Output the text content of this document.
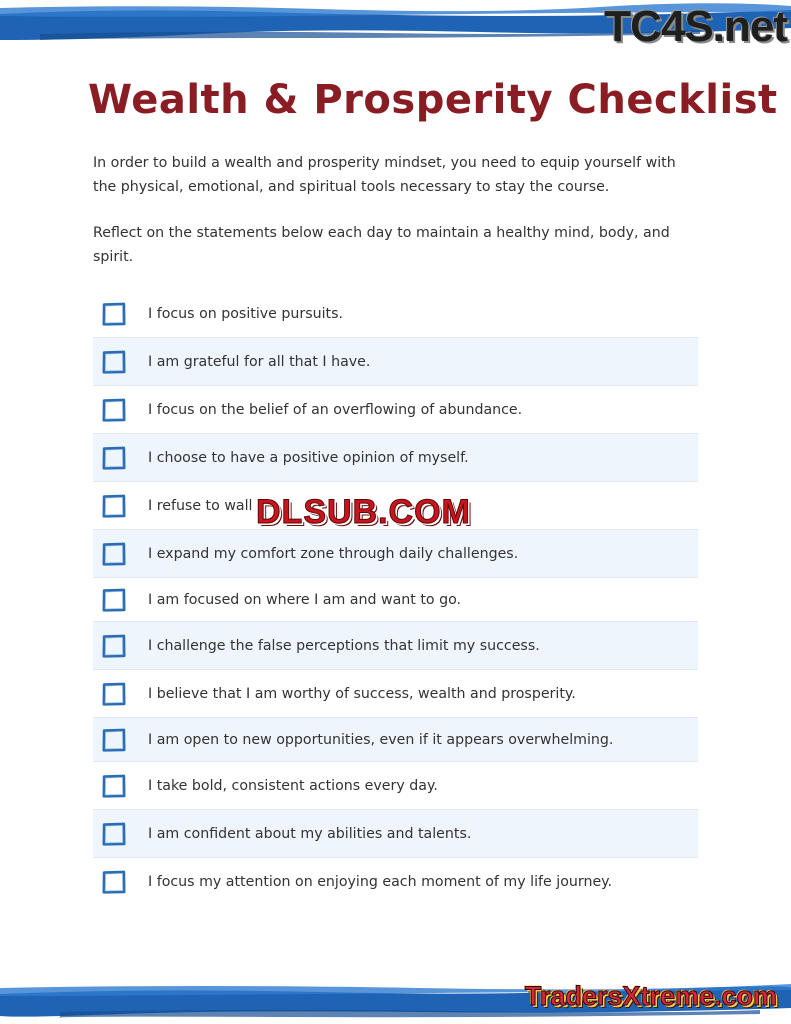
TC4S.net
Wealth & Prosperity Checklist

In order to build a wealth and prosperity mindset, you need to equip yourself with the physical, emotional, and spiritual tools necessary to stay the course.

Reflect on the statements below each day to maintain a healthy mind, body, and spirit.

I focus on positive pursuits.
I am grateful for all that I have.
I focus on the belief of an overflowing of abundance.
I choose to have a positive opinion of myself.
I refuse to wall
I expand my comfort zone through daily challenges.
I am focused on where I am and want to go.
I challenge the false perceptions that limit my success.
I believe that I am worthy of success, wealth and prosperity.
I am open to new opportunities, even if it appears overwhelming.
I take bold, consistent actions every day.
I am confident about my abilities and talents.
I focus my attention on enjoying each moment of my life journey.
DLSUB.COM
TradersXtreme.com
